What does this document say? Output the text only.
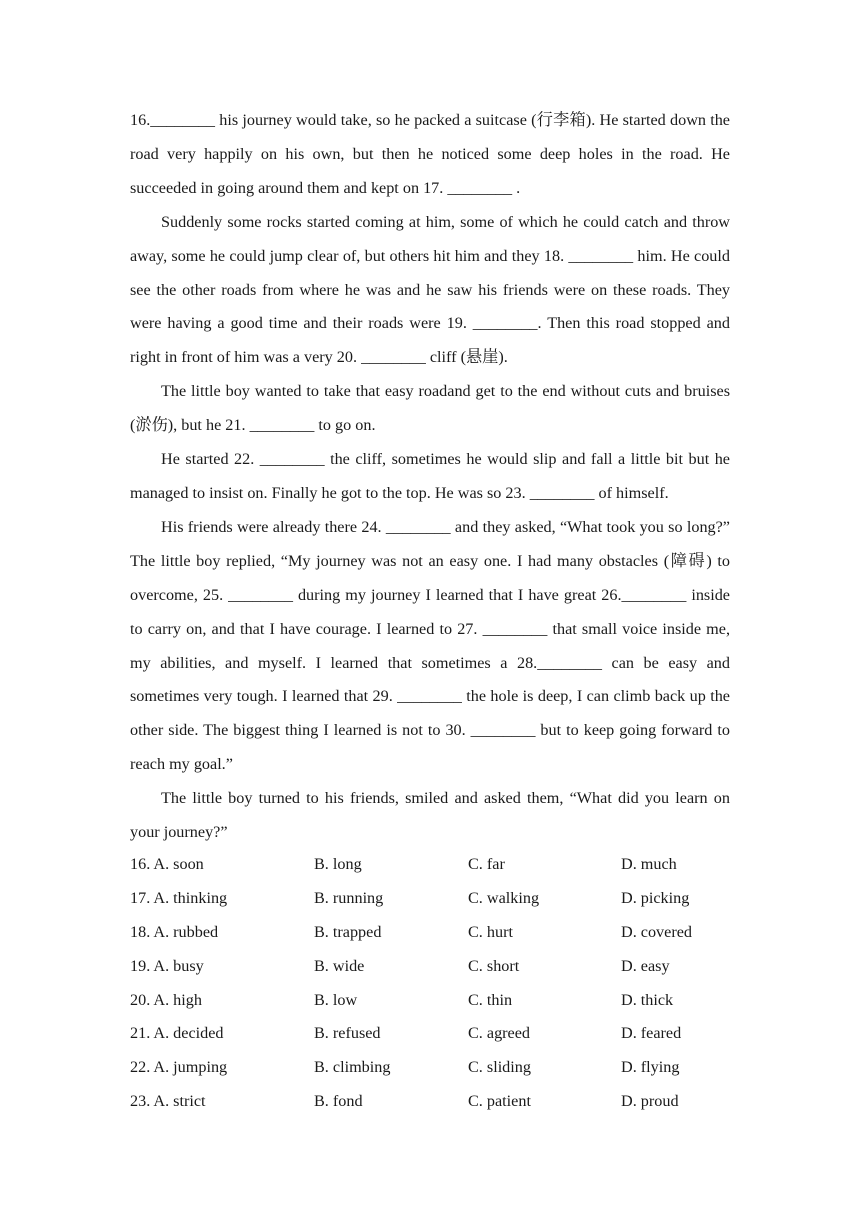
16.________ his journey would take, so he packed a suitcase (行李箱). He started down the road very happily on his own, but then he noticed some deep holes in the road. He succeeded in going around them and kept on 17. ________ .

Suddenly some rocks started coming at him, some of which he could catch and throw away, some he could jump clear of, but others hit him and they 18. ________ him. He could see the other roads from where he was and he saw his friends were on these roads. They were having a good time and their roads were 19. ________. Then this road stopped and right in front of him was a very 20. ________ cliff (悬崖).

The little boy wanted to take that easy roadand get to the end without cuts and bruises (淤伤), but he 21. ________ to go on.

He started 22. ________ the cliff, sometimes he would slip and fall a little bit but he managed to insist on. Finally he got to the top. He was so 23. ________ of himself.

His friends were already there 24. ________ and they asked, “What took you so long?” The little boy replied, “My journey was not an easy one. I had many obstacles (障碍) to overcome, 25. ________ during my journey I learned that I have great 26.________ inside to carry on, and that I have courage. I learned to 27. ________ that small voice inside me, my abilities, and myself. I learned that sometimes a 28.________ can be easy and sometimes very tough. I learned that 29. ________ the hole is deep, I can climb back up the other side. The biggest thing I learned is not to 30. ________ but to keep going forward to reach my goal.”

The little boy turned to his friends, smiled and asked them, “What did you learn on your journey?”

16. A. soon	B. long	C. far	D. much
17. A. thinking	B. running	C. walking	D. picking
18. A. rubbed	B. trapped	C. hurt	D. covered
19. A. busy	B. wide	C. short	D. easy
20. A. high	B. low	C. thin	D. thick
21. A. decided	B. refused	C. agreed	D. feared
22. A. jumping	B. climbing	C. sliding	D. flying
23. A. strict	B. fond	C. patient	D. proud
